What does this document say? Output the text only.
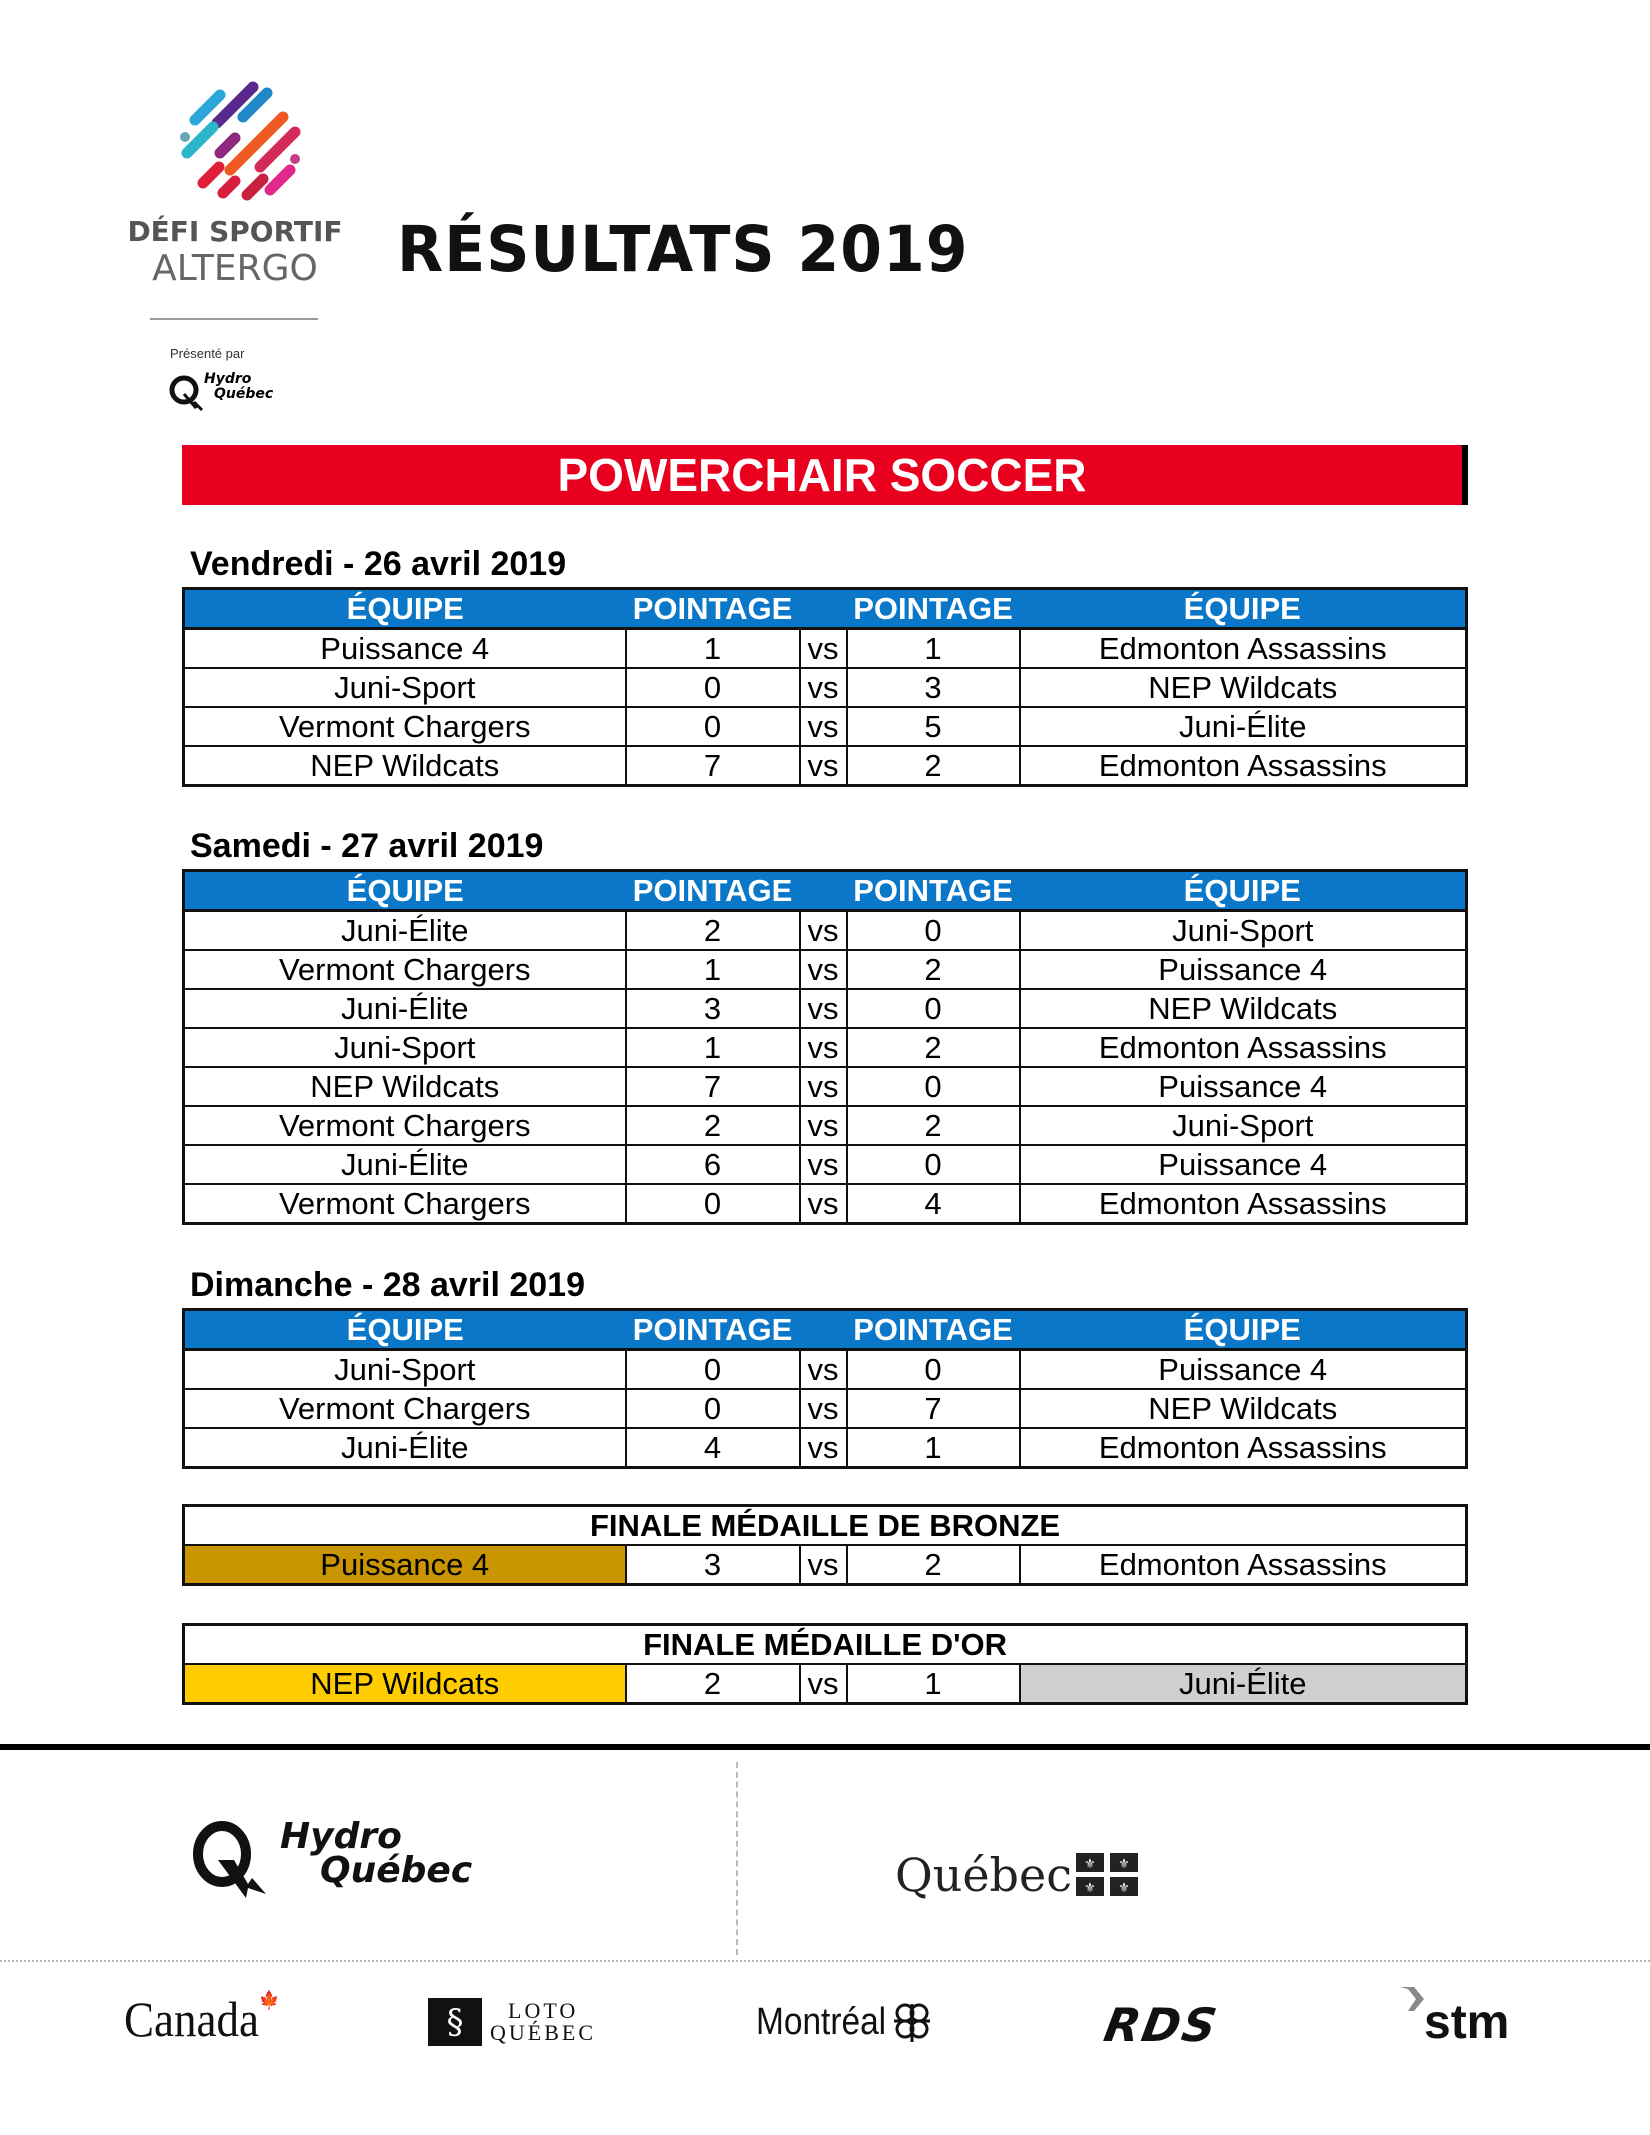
DÉFI SPORTIF
ALTERGO
Présenté par
Hydro
Québec
RÉSULTATS 2019
POWERCHAIR SOCCER
Vendredi - 26 avril 2019
ÉQUIPE	POINTAGE		POINTAGE	ÉQUIPE
Puissance 4	1	vs	1	Edmonton Assassins
Juni-Sport	0	vs	3	NEP Wildcats
Vermont Chargers	0	vs	5	Juni-Élite
NEP Wildcats	7	vs	2	Edmonton Assassins
Samedi - 27 avril 2019
ÉQUIPE	POINTAGE		POINTAGE	ÉQUIPE
Juni-Élite	2	vs	0	Juni-Sport
Vermont Chargers	1	vs	2	Puissance 4
Juni-Élite	3	vs	0	NEP Wildcats
Juni-Sport	1	vs	2	Edmonton Assassins
NEP Wildcats	7	vs	0	Puissance 4
Vermont Chargers	2	vs	2	Juni-Sport
Juni-Élite	6	vs	0	Puissance 4
Vermont Chargers	0	vs	4	Edmonton Assassins
Dimanche - 28 avril 2019
ÉQUIPE	POINTAGE		POINTAGE	ÉQUIPE
Juni-Sport	0	vs	0	Puissance 4
Vermont Chargers	0	vs	7	NEP Wildcats
Juni-Élite	4	vs	1	Edmonton Assassins
FINALE MÉDAILLE DE BRONZE
Puissance 4	3	vs	2	Edmonton Assassins
FINALE MÉDAILLE D'OR
NEP Wildcats	2	vs	1	Juni-Élite
Hydro
Québec	Québec ⚜ ⚜
⚜ ⚜
Canada🍁
§	LOTO
QUÉBEC	Montréal	RDS	stm
